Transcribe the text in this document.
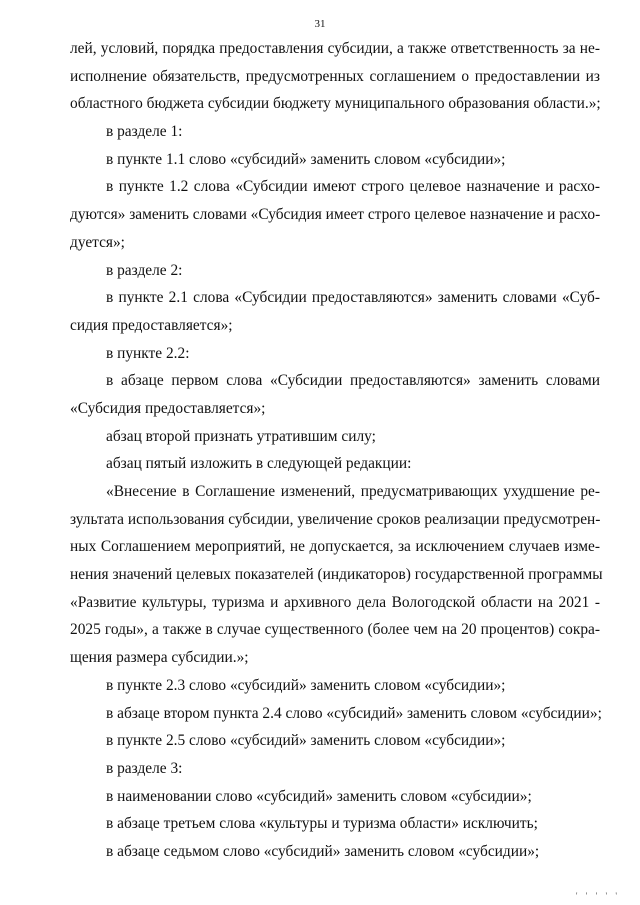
31
лей, условий, порядка предоставления субсидии, а также ответственность за не-
исполнение обязательств, предусмотренных соглашением о предоставлении из
областного бюджета субсидии бюджету муниципального образования области.»;
в разделе 1:
в пункте 1.1 слово «субсидий» заменить словом «субсидии»;
в пункте 1.2 слова «Субсидии имеют строго целевое назначение и расхо-
дуются» заменить словами «Субсидия имеет строго целевое назначение и расхо-
дуется»;
в разделе 2:
в пункте 2.1 слова «Субсидии предоставляются» заменить словами «Суб-
сидия предоставляется»;
в пункте 2.2:
в абзаце первом слова «Субсидии предоставляются» заменить словами
«Субсидия предоставляется»;
абзац второй признать утратившим силу;
абзац пятый изложить в следующей редакции:
«Внесение в Соглашение изменений, предусматривающих ухудшение ре-
зультата использования субсидии, увеличение сроков реализации предусмотрен-
ных Соглашением мероприятий, не допускается, за исключением случаев изме-
нения значений целевых показателей (индикаторов) государственной программы
«Развитие культуры, туризма и архивного дела Вологодской области на 2021 -
2025 годы», а также в случае существенного (более чем на 20 процентов) сокра-
щения размера субсидии.»;
в пункте 2.3 слово «субсидий» заменить словом «субсидии»;
в абзаце втором пункта 2.4 слово «субсидий» заменить словом «субсидии»;
в пункте 2.5 слово «субсидий» заменить словом «субсидии»;
в разделе 3:
в наименовании слово «субсидий» заменить словом «субсидии»;
в абзаце третьем слова «культуры и туризма области» исключить;
в абзаце седьмом слово «субсидий» заменить словом «субсидии»;
' ' ' ' '
